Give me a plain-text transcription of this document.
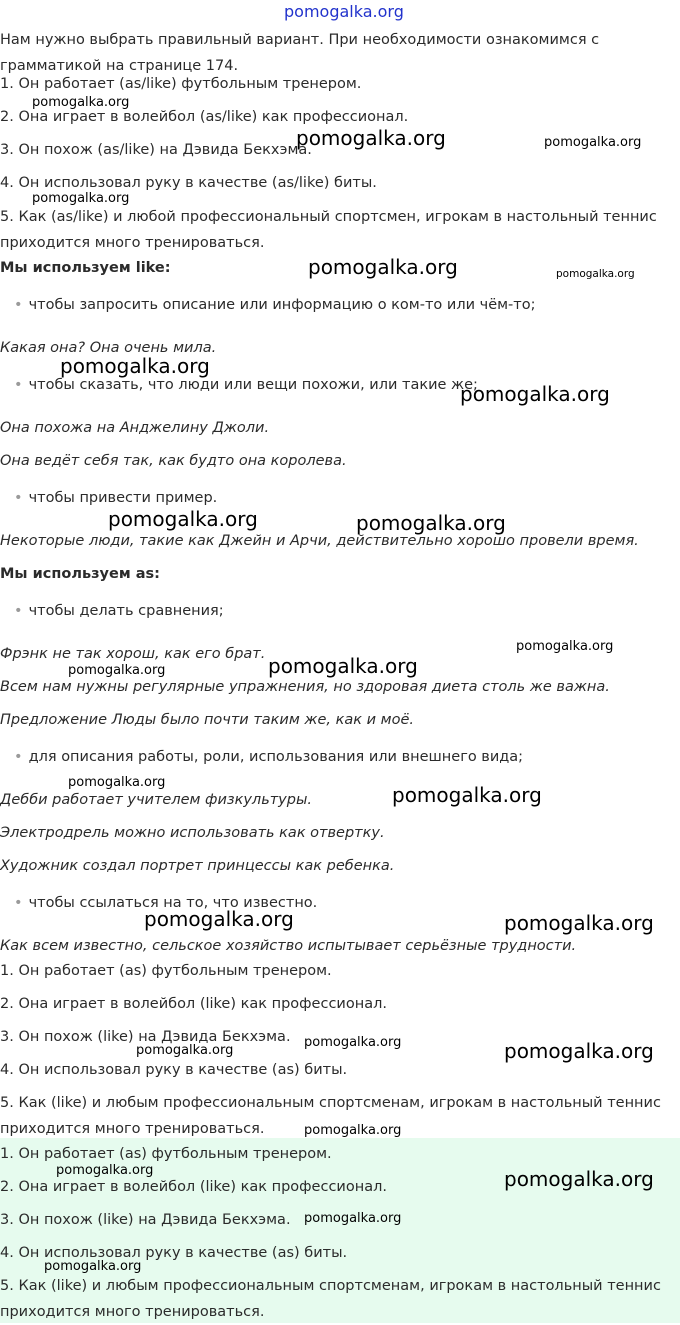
pomogalka.org
Нам нужно выбрать правильный вариант. При необходимости ознакомимся с грамматикой на странице 174.
1. Он работает (as/like) футбольным тренером.
2. Она играет в волейбол (as/like) как профессионал.
3. Он похож (as/like) на Дэвида Бекхэма.
4. Он использовал руку в качестве (as/like) биты.
5. Как (as/like) и любой профессиональный спортсмен, игрокам в настольный теннис приходится много тренироваться.
Мы используем like:
• чтобы запросить описание или информацию о ком-то или чём-то;
Какая она? Она очень мила.
• чтобы сказать, что люди или вещи похожи, или такие же;
Она похожа на Анджелину Джоли.
Она ведёт себя так, как будто она королева.
• чтобы привести пример.
Некоторые люди, такие как Джейн и Арчи, действительно хорошо провели время.
Мы используем as:
• чтобы делать сравнения;
Фрэнк не так хорош, как его брат.
Всем нам нужны регулярные упражнения, но здоровая диета столь же важна.
Предложение Люды было почти таким же, как и моё.
• для описания работы, роли, использования или внешнего вида;
Дебби работает учителем физкультуры.
Электродрель можно использовать как отвертку.
Художник создал портрет принцессы как ребенка.
• чтобы ссылаться на то, что известно.
Как всем известно, сельское хозяйство испытывает серьёзные трудности.
1. Он работает (as) футбольным тренером.
2. Она играет в волейбол (like) как профессионал.
3. Он похож (like) на Дэвида Бекхэма.
4. Он использовал руку в качестве (as) биты.
5. Как (like) и любым профессиональным спортсменам, игрокам в настольный теннис приходится много тренироваться.
1. Он работает (as) футбольным тренером.
2. Она играет в волейбол (like) как профессионал.
3. Он похож (like) на Дэвида Бекхэма.
4. Он использовал руку в качестве (as) биты.
5. Как (like) и любым профессиональным спортсменам, игрокам в настольный теннис приходится много тренироваться.
pomogalka.org
pomogalka.org	pomogalka.org
pomogalka.org
pomogalka.org	pomogalka.org
pomogalka.org
pomogalka.org
pomogalka.org	pomogalka.org
pomogalka.org
pomogalka.org
pomogalka.org
pomogalka.org
pomogalka.org
pomogalka.org	pomogalka.org
pomogalka.org
pomogalka.org	pomogalka.org
pomogalka.org
pomogalka.org	pomogalka.org
pomogalka.org
pomogalka.org
